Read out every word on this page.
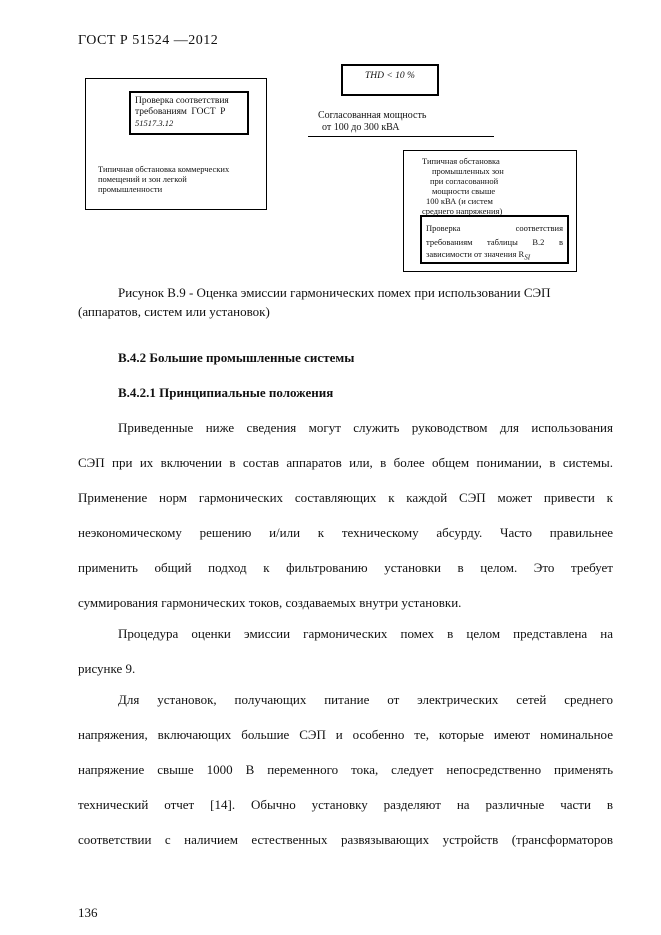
ГОСТ Р 51524 —2012
Проверка соответствия
требованиям ГОСТ Р
51517.3.12
Типичная обстановка коммерческих
помещений и зон легкой
промышленности
THD < 10 %
Согласованная мощность
от 100 до 300 кВА
Типичная обстановка
промышленных зон
при согласованной
мощности свыше
100 кВА (и систем
среднего напряжения)
Проверка соответствия
требованиям таблицы В.2 в
зависимости от значения $R_{SI}$
Рисунок В.9 - Оценка эмиссии гармонических помех при использовании СЭП
(аппаратов, систем или установок)
В.4.2 Большие промышленные системы
В.4.2.1 Принципиальные положения
Приведенные ниже сведения могут служить руководством для использования
СЭП при их включении в состав аппаратов или, в более общем понимании, в системы.
Применение норм гармонических составляющих к каждой СЭП может привести к
неэкономическому решению и/или к техническому абсурду. Часто правильнее
применить общий подход к фильтрованию установки в целом. Это требует
суммирования гармонических токов, создаваемых внутри установки.
Процедура оценки эмиссии гармонических помех в целом представлена на
рисунке 9.
Для установок, получающих питание от электрических сетей среднего
напряжения, включающих большие СЭП и особенно те, которые имеют номинальное
напряжение свыше 1000 В переменного тока, следует непосредственно применять
технический отчет [14]. Обычно установку разделяют на различные части в
соответствии с наличием естественных развязывающих устройств (трансформаторов
136
